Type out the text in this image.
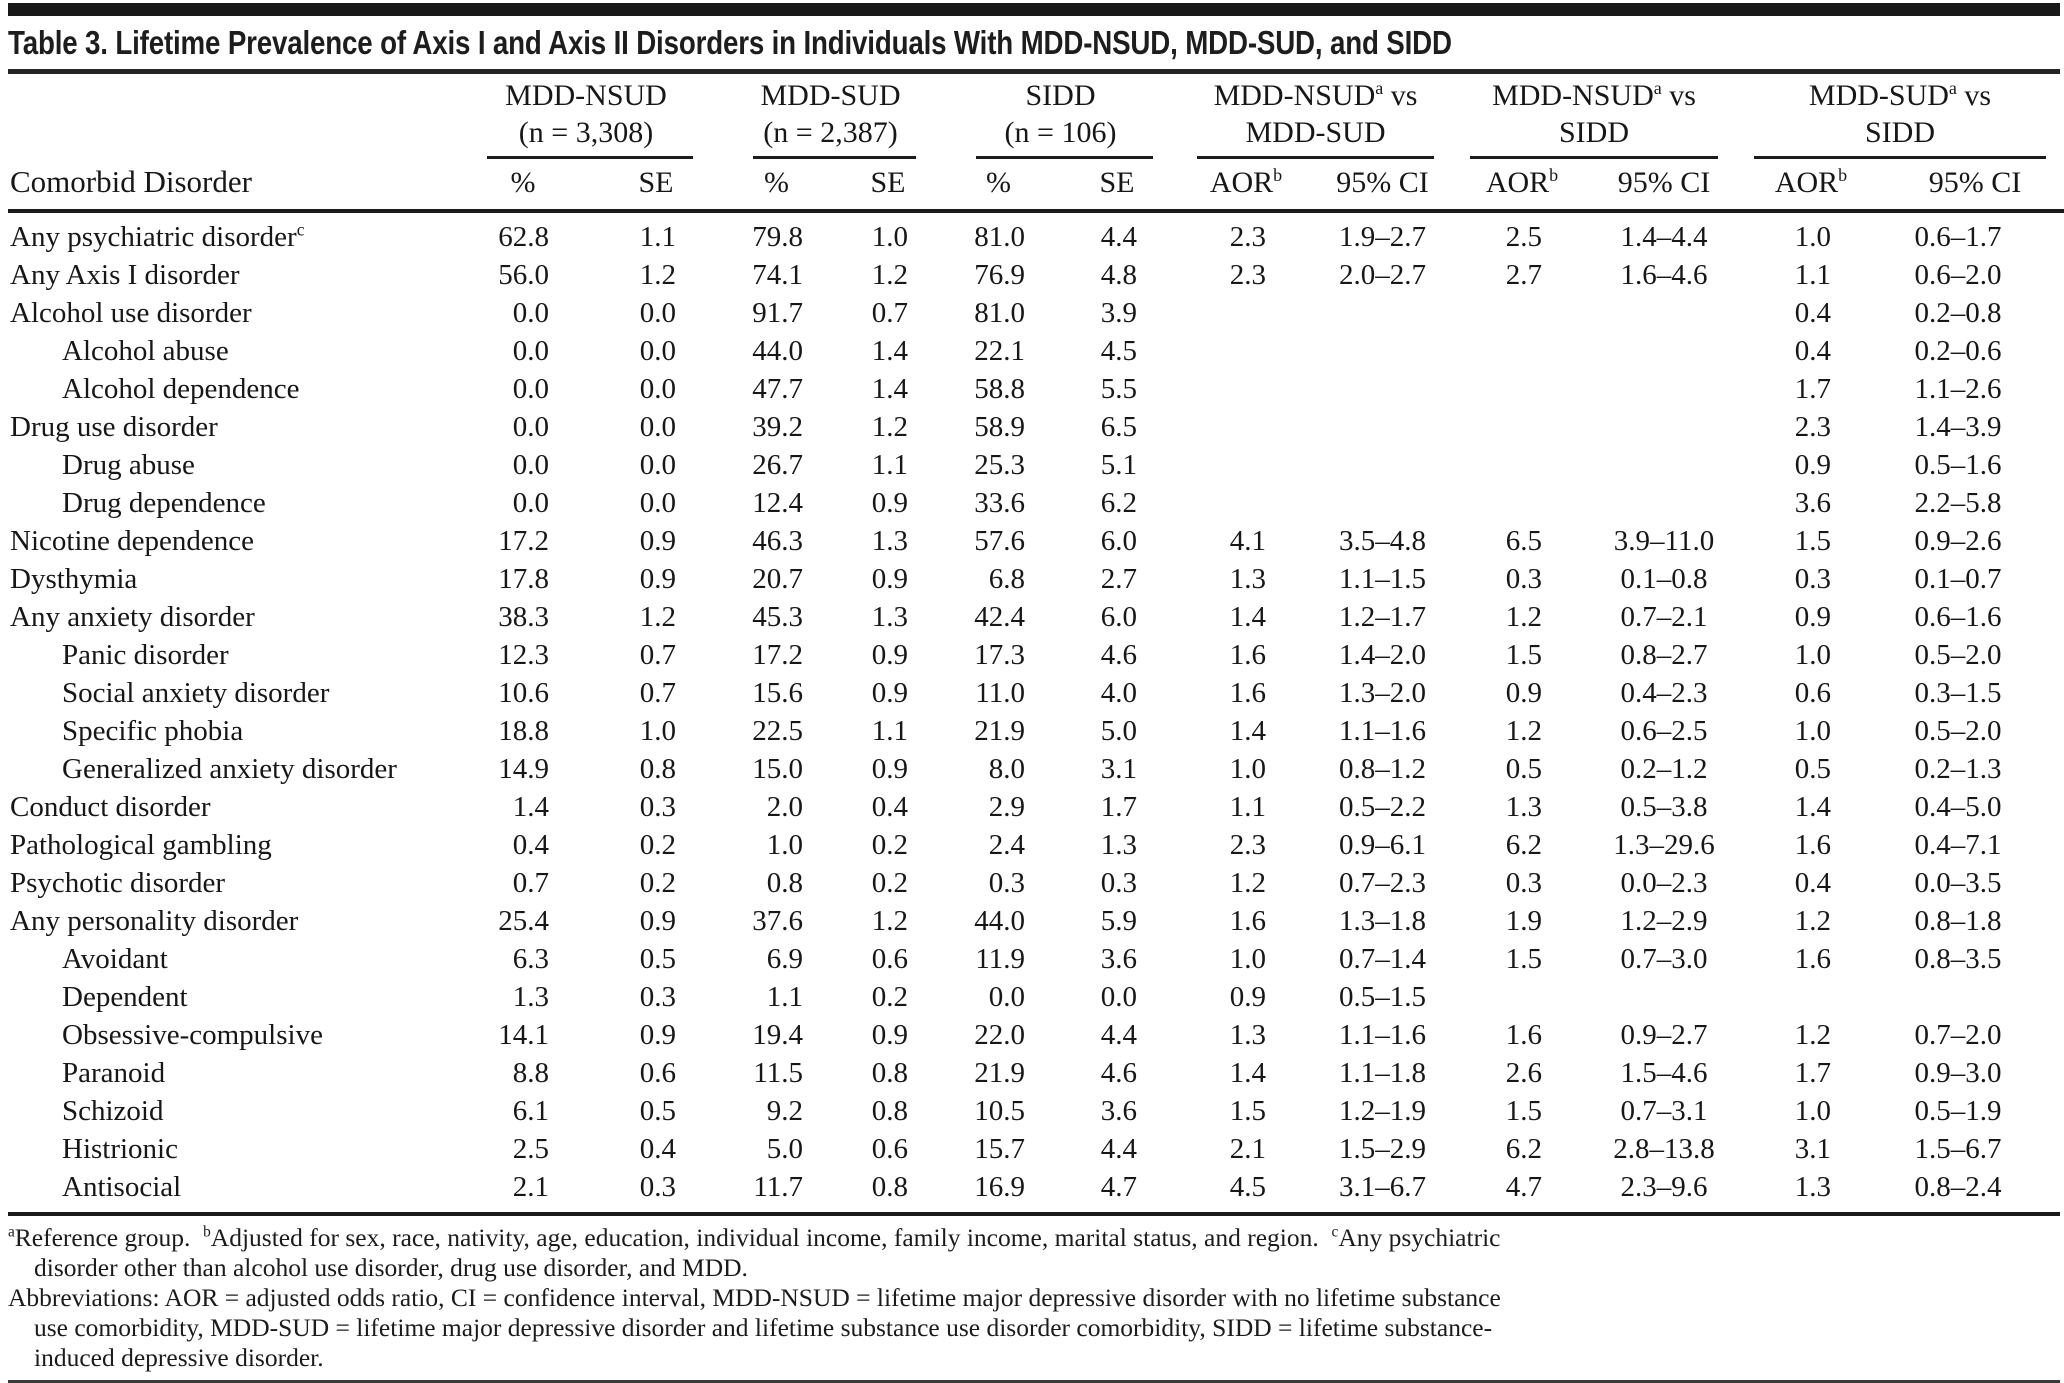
Table 3. Lifetime Prevalence of Axis I and Axis II Disorders in Individuals With MDD-NSUD, MDD-SUD, and SIDD

	MDD-NSUD
(n = 3,308)		MDD-SUD
(n = 2,387)		SIDD
(n = 106)		MDD-NSUD$^a$ vs
MDD-SUD		MDD-NSUD$^a$ vs
SIDD		MDD-SUD$^a$ vs
SIDD	

Comorbid Disorder	%	SE	%	SE	%	SE	AOR$^b$	95% CI	AOR$^b$	95% CI	AOR$^b$	95% CI
Any psychiatric disorder$^c$	62.8	1.1	79.8	1.0	81.0	4.4	2.3	1.9–2.7	2.5	1.4–4.4	1.0	0.6–1.7
Any Axis I disorder	56.0	1.2	74.1	1.2	76.9	4.8	2.3	2.0–2.7	2.7	1.6–4.6	1.1	0.6–2.0
Alcohol use disorder	0.0	0.0	91.7	0.7	81.0	3.9					0.4	0.2–0.8
Alcohol abuse	0.0	0.0	44.0	1.4	22.1	4.5					0.4	0.2–0.6
Alcohol dependence	0.0	0.0	47.7	1.4	58.8	5.5					1.7	1.1–2.6
Drug use disorder	0.0	0.0	39.2	1.2	58.9	6.5					2.3	1.4–3.9
Drug abuse	0.0	0.0	26.7	1.1	25.3	5.1					0.9	0.5–1.6
Drug dependence	0.0	0.0	12.4	0.9	33.6	6.2					3.6	2.2–5.8
Nicotine dependence	17.2	0.9	46.3	1.3	57.6	6.0	4.1	3.5–4.8	6.5	3.9–11.0	1.5	0.9–2.6
Dysthymia	17.8	0.9	20.7	0.9	6.8	2.7	1.3	1.1–1.5	0.3	0.1–0.8	0.3	0.1–0.7
Any anxiety disorder	38.3	1.2	45.3	1.3	42.4	6.0	1.4	1.2–1.7	1.2	0.7–2.1	0.9	0.6–1.6
Panic disorder	12.3	0.7	17.2	0.9	17.3	4.6	1.6	1.4–2.0	1.5	0.8–2.7	1.0	0.5–2.0
Social anxiety disorder	10.6	0.7	15.6	0.9	11.0	4.0	1.6	1.3–2.0	0.9	0.4–2.3	0.6	0.3–1.5
Specific phobia	18.8	1.0	22.5	1.1	21.9	5.0	1.4	1.1–1.6	1.2	0.6–2.5	1.0	0.5–2.0
Generalized anxiety disorder	14.9	0.8	15.0	0.9	8.0	3.1	1.0	0.8–1.2	0.5	0.2–1.2	0.5	0.2–1.3
Conduct disorder	1.4	0.3	2.0	0.4	2.9	1.7	1.1	0.5–2.2	1.3	0.5–3.8	1.4	0.4–5.0
Pathological gambling	0.4	0.2	1.0	0.2	2.4	1.3	2.3	0.9–6.1	6.2	1.3–29.6	1.6	0.4–7.1
Psychotic disorder	0.7	0.2	0.8	0.2	0.3	0.3	1.2	0.7–2.3	0.3	0.0–2.3	0.4	0.0–3.5
Any personality disorder	25.4	0.9	37.6	1.2	44.0	5.9	1.6	1.3–1.8	1.9	1.2–2.9	1.2	0.8–1.8
Avoidant	6.3	0.5	6.9	0.6	11.9	3.6	1.0	0.7–1.4	1.5	0.7–3.0	1.6	0.8–3.5
Dependent	1.3	0.3	1.1	0.2	0.0	0.0	0.9	0.5–1.5				
Obsessive-compulsive	14.1	0.9	19.4	0.9	22.0	4.4	1.3	1.1–1.6	1.6	0.9–2.7	1.2	0.7–2.0
Paranoid	8.8	0.6	11.5	0.8	21.9	4.6	1.4	1.1–1.8	2.6	1.5–4.6	1.7	0.9–3.0
Schizoid	6.1	0.5	9.2	0.8	10.5	3.6	1.5	1.2–1.9	1.5	0.7–3.1	1.0	0.5–1.9
Histrionic	2.5	0.4	5.0	0.6	15.7	4.4	2.1	1.5–2.9	6.2	2.8–13.8	3.1	1.5–6.7
Antisocial	2.1	0.3	11.7	0.8	16.9	4.7	4.5	3.1–6.7	4.7	2.3–9.6	1.3	0.8–2.4

$^a$Reference group.  $^b$Adjusted for sex, race, nativity, age, education, individual income, family income, marital status, and region.  $^c$Any psychiatric disorder other than alcohol use disorder, drug use disorder, and MDD.

Abbreviations: AOR = adjusted odds ratio, CI = confidence interval, MDD-NSUD = lifetime major depressive disorder with no lifetime substance use comorbidity, MDD-SUD = lifetime major depressive disorder and lifetime substance use disorder comorbidity, SIDD = lifetime substance-induced depressive disorder.
